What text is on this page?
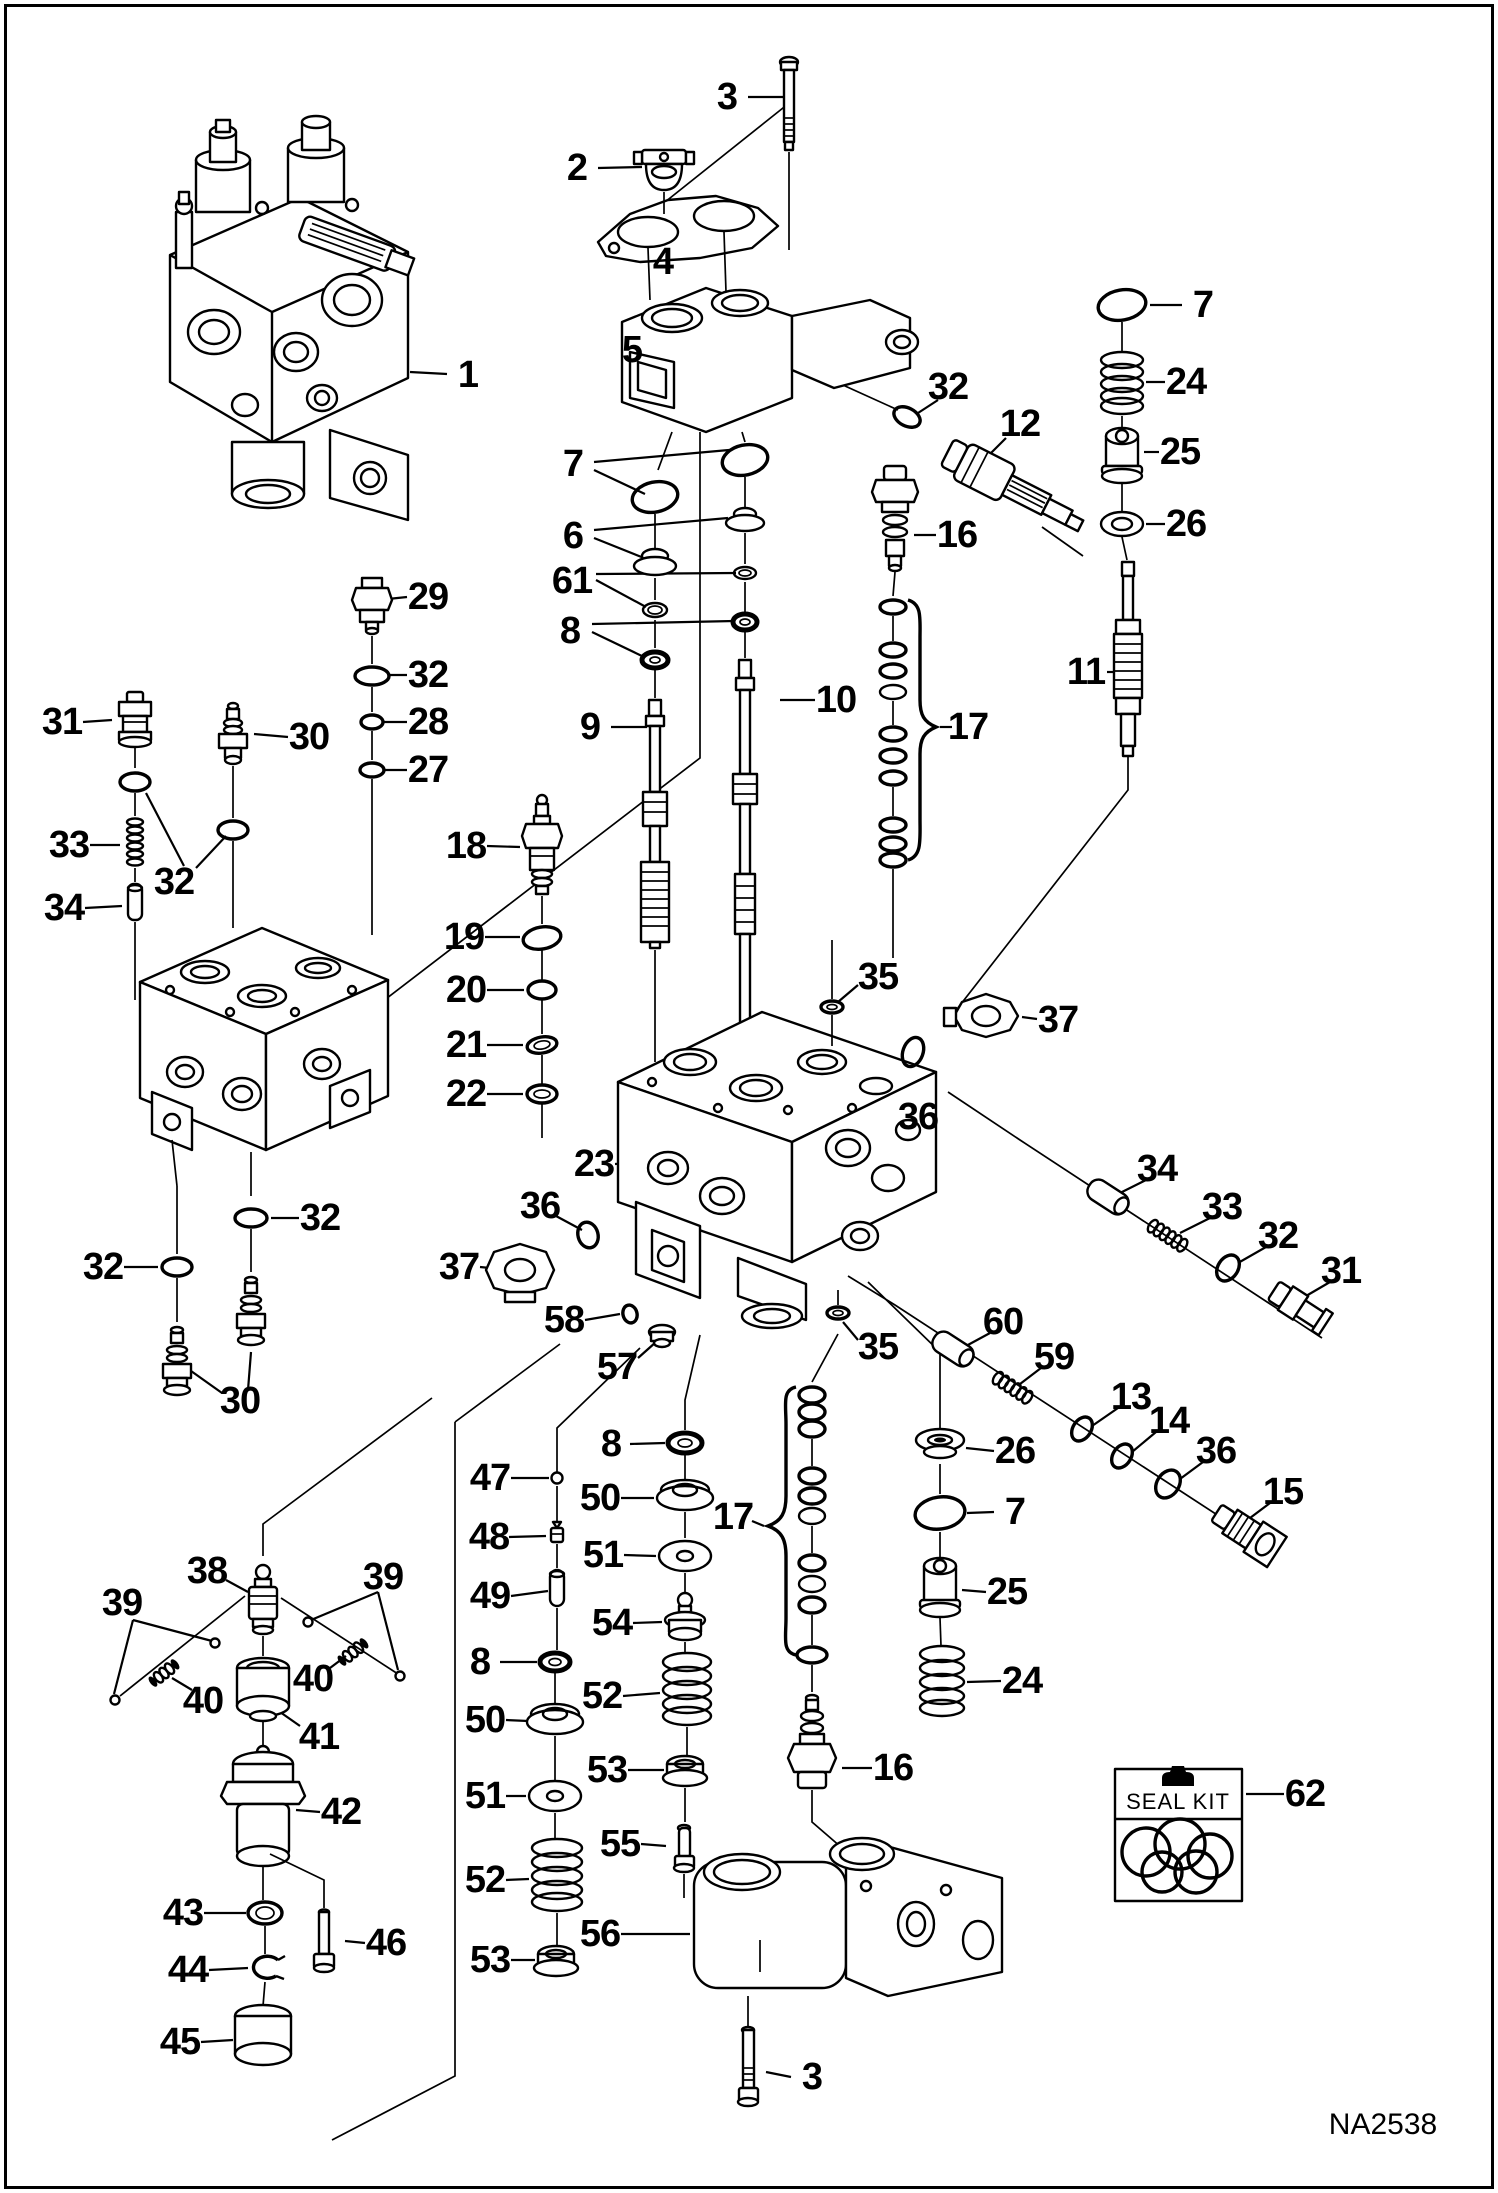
SEAL KIT
NA2538
1
2
3
4
5
7
24
25
26
32
12
16
11
7
6
61
8
9
10
17
29
32
28
27
31	30
33
32
34
18
19
20
21
22
32
32
30
35
37
36
23
36
37
58
57	35
34
33
32
31
60
59
13
14
36
15
47
48
49
8
50 17
51
54
8
52
50
53
51
55
52
53
56
26
7
25
24
16
62
38
39
39
40
40
41
42
43
44
45
46
3
